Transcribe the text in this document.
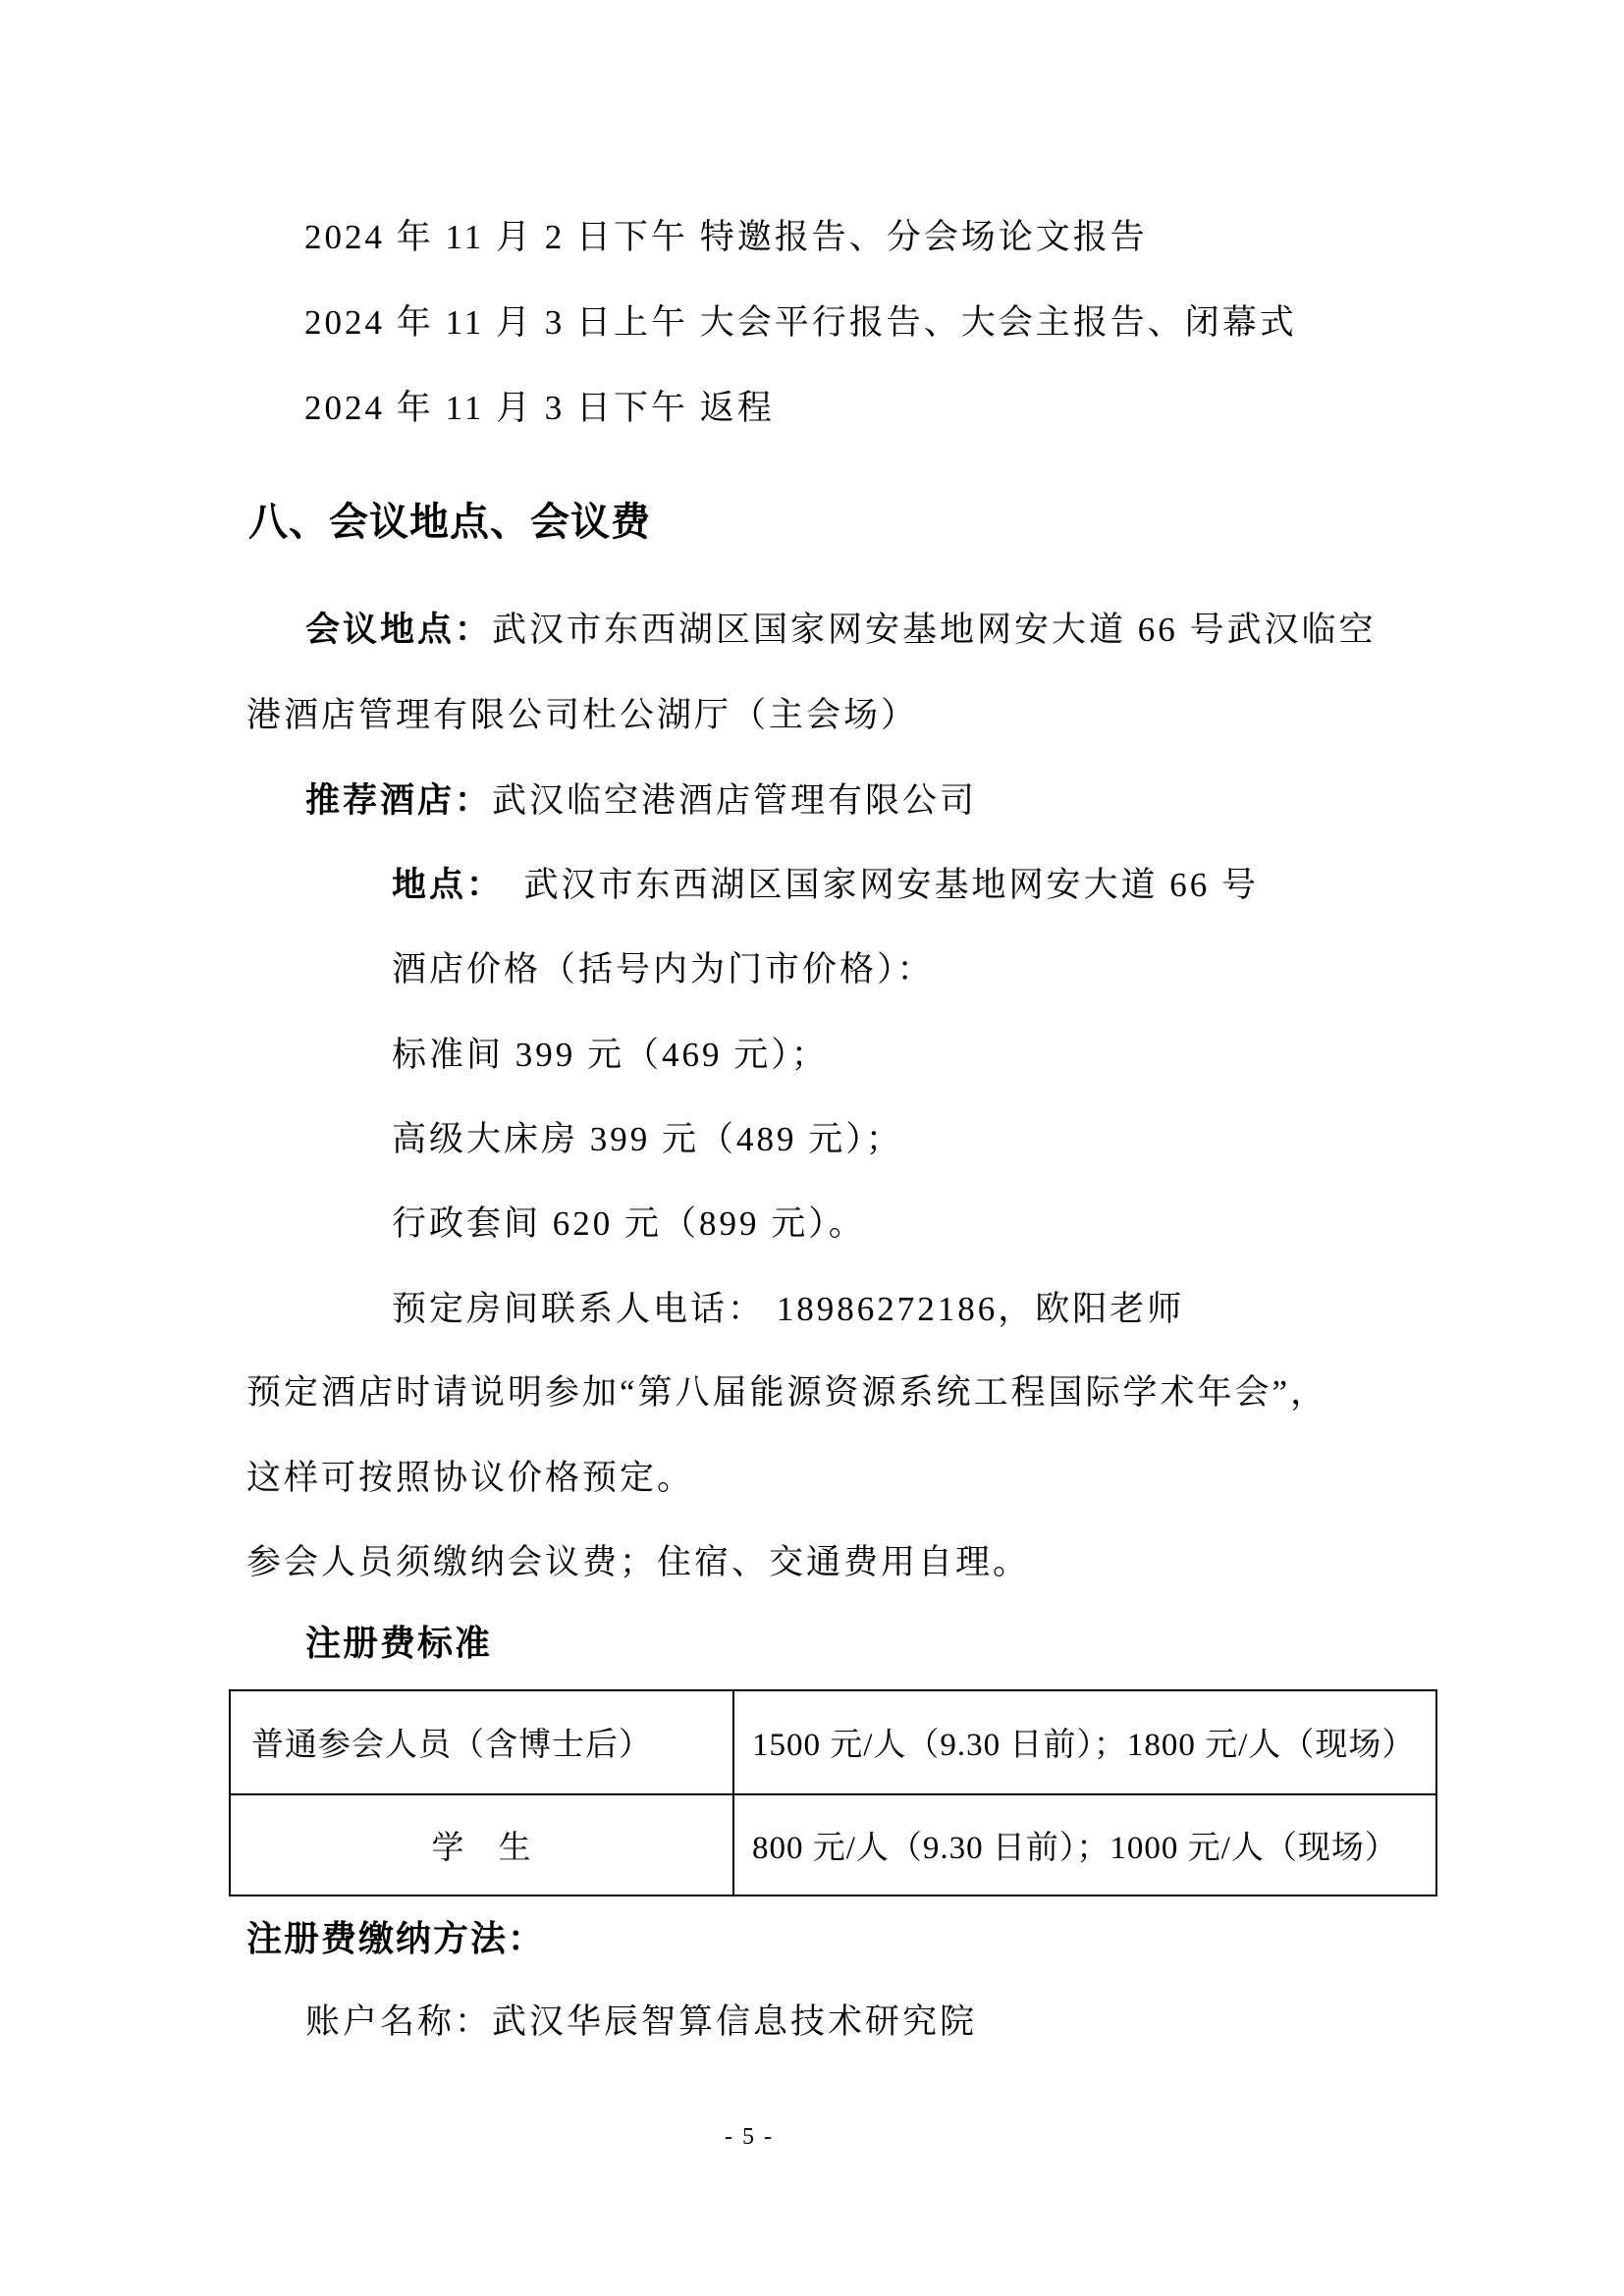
2024 年 11 月 2 日下午 特邀报告、分会场论文报告

2024 年 11 月 3 日上午 大会平行报告、大会主报告、闭幕式

2024 年 11 月 3 日下午 返程

八、会议地点、会议费

会议地点：武汉市东西湖区国家网安基地网安大道 66 号武汉临空

港酒店管理有限公司杜公湖厅（主会场）

推荐酒店：武汉临空港酒店管理有限公司

地点：　武汉市东西湖区国家网安基地网安大道 66 号

酒店价格（括号内为门市价格）：

标准间 399 元（469 元）；

高级大床房 399 元（489 元）；

行政套间 620 元（899 元）。

预定房间联系人电话： 18986272186，欧阳老师

预定酒店时请说明参加“第八届能源资源系统工程国际学术年会”，

这样可按照协议价格预定。

参会人员须缴纳会议费；住宿、交通费用自理。

注册费标准

普通参会人员（含博士后）	1500 元/人（9.30 日前）；1800 元/人（现场）
学　生	800 元/人（9.30 日前）；1000 元/人（现场）

注册费缴纳方法：

账户名称：武汉华辰智算信息技术研究院

- 5 -
